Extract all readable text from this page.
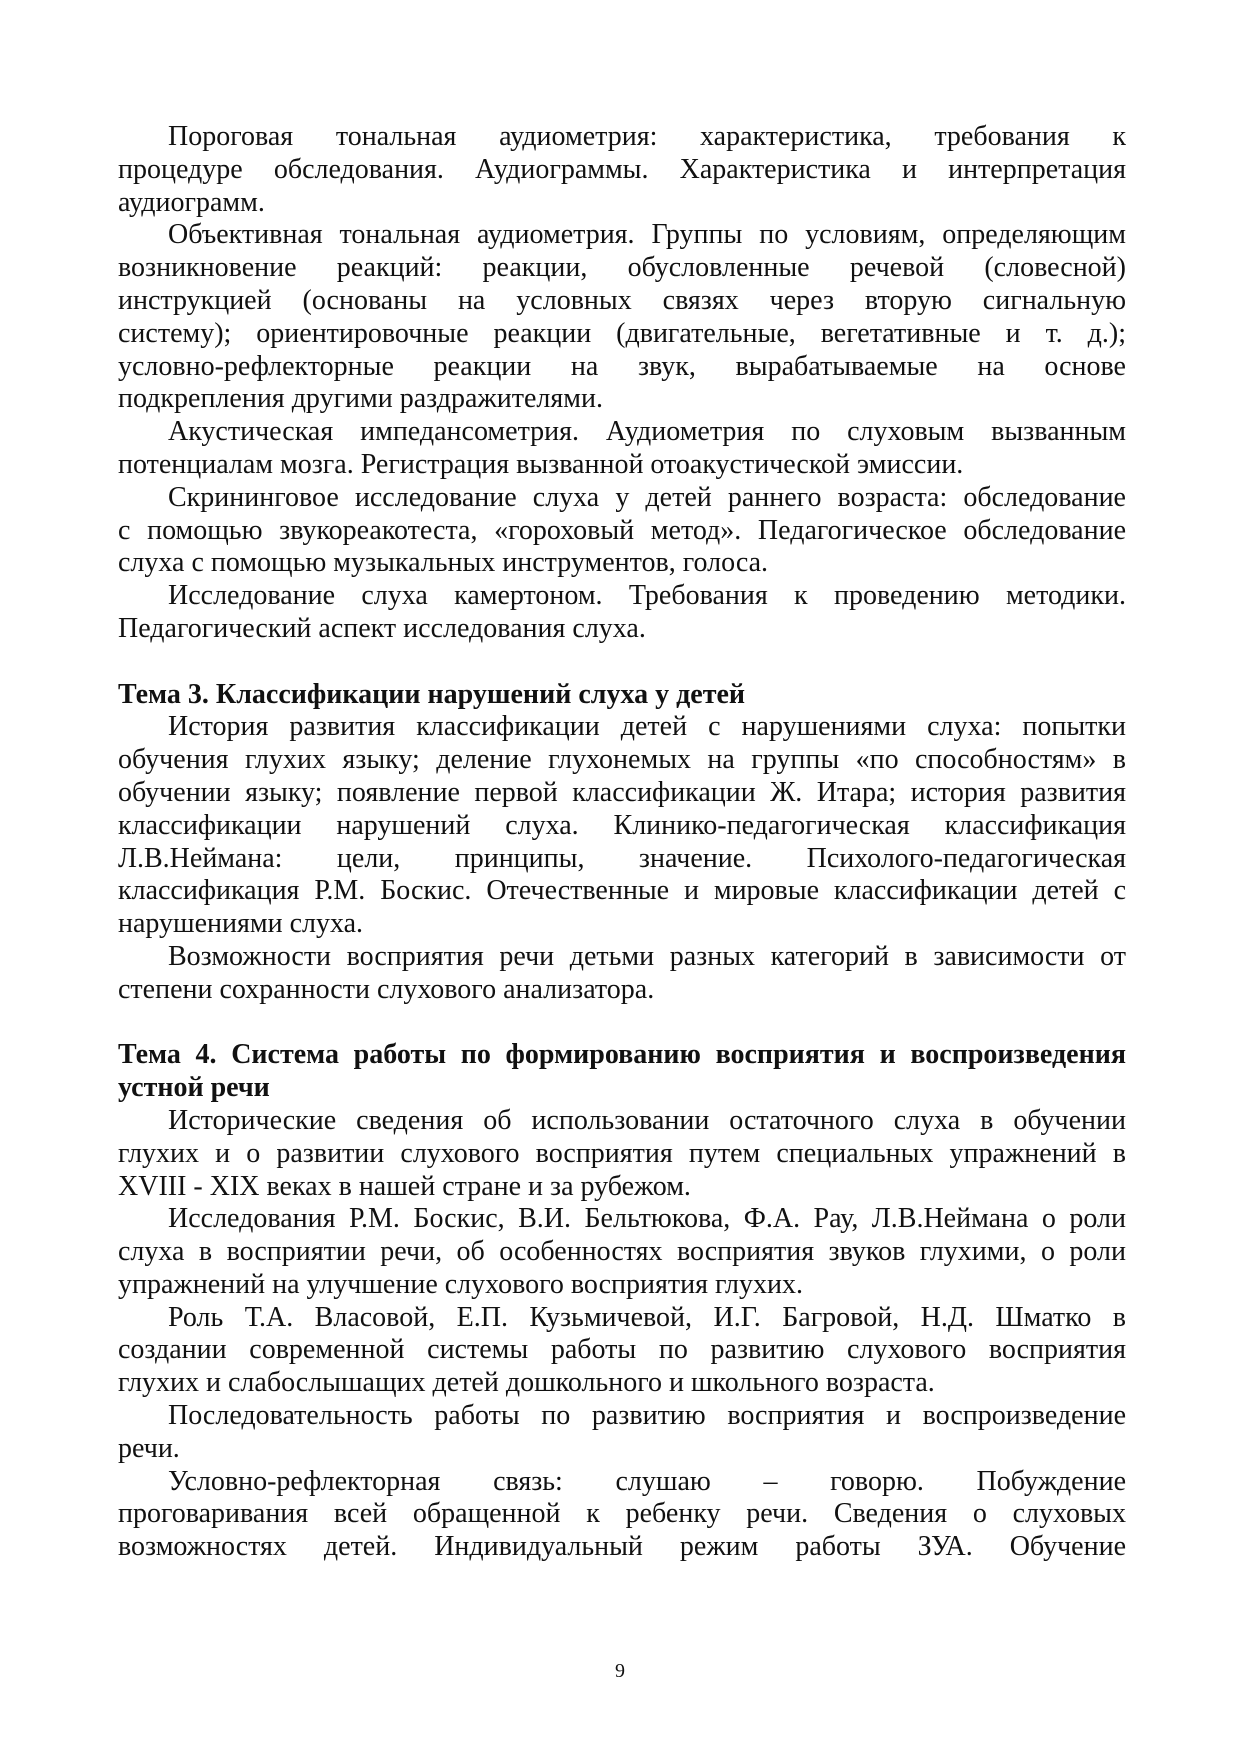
Пороговая тональная аудиометрия: характеристика, требования к
процедуре обследования. Аудиограммы. Характеристика и интерпретация
аудиограмм.
Объективная тональная аудиометрия. Группы по условиям, определяющим
возникновение реакций: реакции, обусловленные речевой (словесной)
инструкцией (основаны на условных связях через вторую сигнальную
систему); ориентировочные реакции (двигательные, вегетативные и т. д.);
условно-рефлекторные реакции на звук, вырабатываемые на основе
подкрепления другими раздражителями.
Акустическая импедансометрия. Аудиометрия по слуховым вызванным
потенциалам мозга. Регистрация вызванной отоакустической эмиссии.
Скрининговое исследование слуха у детей раннего возраста: обследование
с помощью звукореакотеста, «гороховый метод». Педагогическое обследование
слуха с помощью музыкальных инструментов, голоса.
Исследование слуха камертоном. Требования к проведению методики.
Педагогический аспект исследования слуха.
Тема 3. Классификации нарушений слуха у детей
История развития классификации детей с нарушениями слуха: попытки
обучения глухих языку; деление глухонемых на группы «по способностям» в
обучении языку; появление первой классификации Ж. Итара; история развития
классификации нарушений слуха. Клинико-педагогическая классификация
Л.В.Неймана: цели, принципы, значение. Психолого-педагогическая
классификация Р.М. Боскис. Отечественные и мировые классификации детей с
нарушениями слуха.
Возможности восприятия речи детьми разных категорий в зависимости от
степени сохранности слухового анализатора.
Тема 4. Система работы по формированию восприятия и воспроизведения
устной речи
Исторические сведения об использовании остаточного слуха в обучении
глухих и о развитии слухового восприятия путем специальных упражнений в
XVIII - XIX веках в нашей стране и за рубежом.
Исследования Р.М. Боскис, В.И. Бельтюкова, Ф.А. Рау, Л.В.Неймана о роли
слуха в восприятии речи, об особенностях восприятия звуков глухими, о роли
упражнений на улучшение слухового восприятия глухих.
Роль Т.А. Власовой, Е.П. Кузьмичевой, И.Г. Багровой, Н.Д. Шматко в
создании современной системы работы по развитию слухового восприятия
глухих и слабослышащих детей дошкольного и школьного возраста.
Последовательность работы по развитию восприятия и воспроизведение
речи.
Условно-рефлекторная связь: слушаю – говорю. Побуждение
проговаривания всей обращенной к ребенку речи. Сведения о слуховых
возможностях детей. Индивидуальный режим работы ЗУА. Обучение
9
